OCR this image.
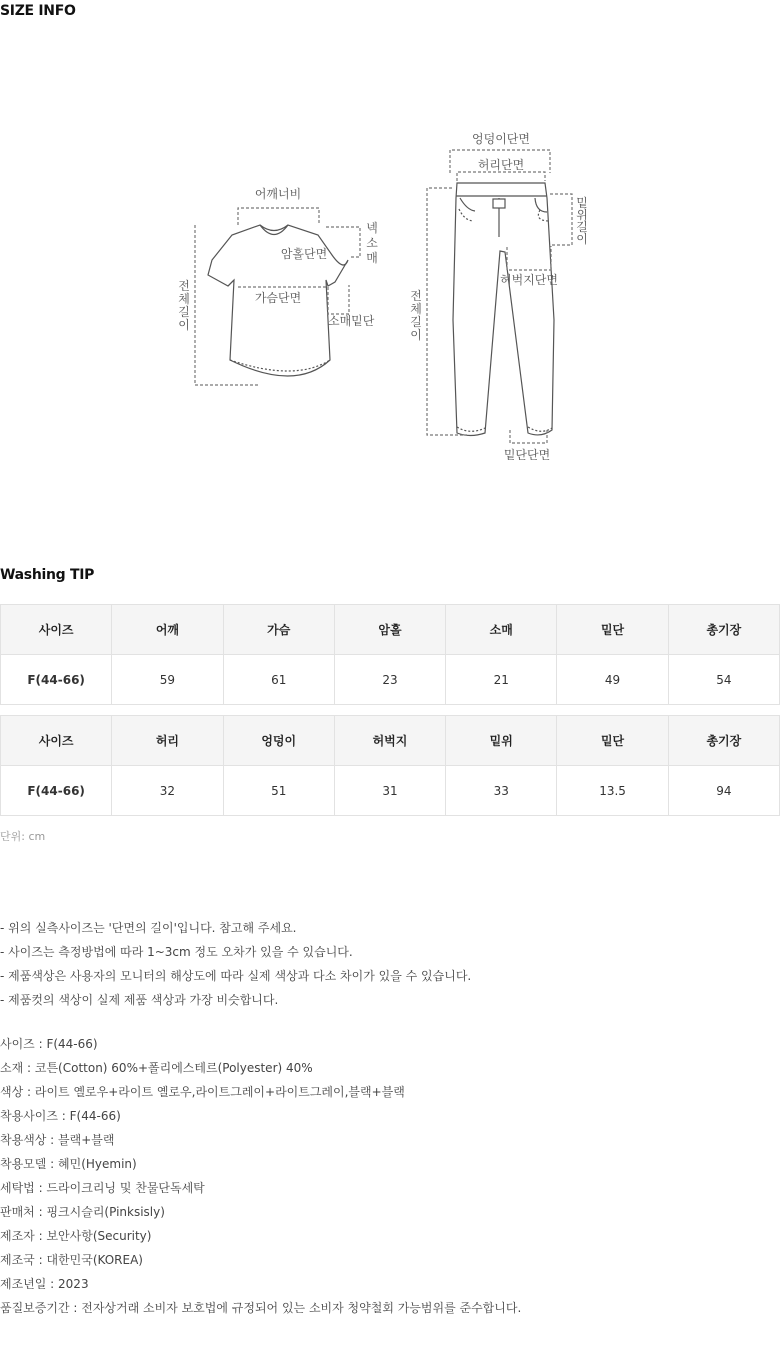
SIZE INFO
어깨너비
암홀단면
가슴단면
소매밑단
넥
소
매
전
체
길
이
엉덩이단면
허리단면
허벅지단면
밑단단면
밑
위
길
이
전
체
길
이
Washing TIP
사이즈	어깨	가슴	암홀	소매	밑단	총기장
F(44-66)	59	61	23	21	49	54
사이즈	허리	엉덩이	허벅지	밑위	밑단	총기장
F(44-66)	32	51	31	33	13.5	94
단위: cm
- 위의 실측사이즈는 '단면의 길이'입니다. 참고해 주세요.
- 사이즈는 측정방법에 따라 1~3cm 정도 오차가 있을 수 있습니다.
- 제품색상은 사용자의 모니터의 해상도에 따라 실제 색상과 다소 차이가 있을 수 있습니다.
- 제품컷의 색상이 실제 제품 색상과 가장 비슷합니다.
사이즈 : F(44-66)
소재 : 코튼(Cotton) 60%+폴리에스테르(Polyester) 40%
색상 : 라이트 옐로우+라이트 옐로우,라이트그레이+라이트그레이,블랙+블랙
착용사이즈 : F(44-66)
착용색상 : 블랙+블랙
착용모델 : 혜민(Hyemin)
세탁법 : 드라이크리닝 및 찬물단독세탁
판매처 : 핑크시슬리(Pinksisly)
제조자 : 보안사항(Security)
제조국 : 대한민국(KOREA)
제조년일 : 2023
품질보증기간 : 전자상거래 소비자 보호법에 규정되어 있는 소비자 청약철회 가능범위를 준수합니다.
